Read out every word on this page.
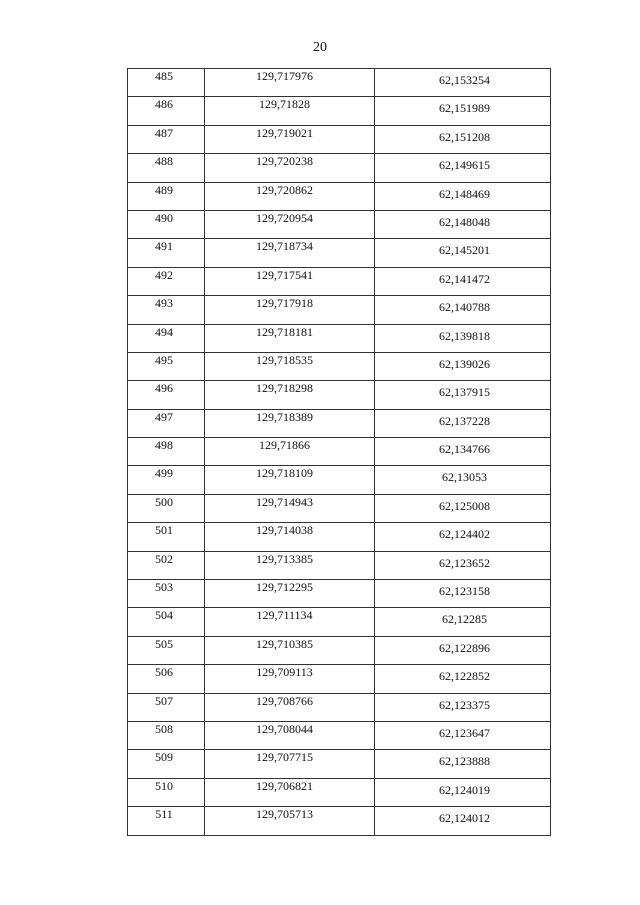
20
485	129,717976	62,153254

486	129,71828	62,151989

487	129,719021	62,151208

488	129,720238	62,149615

489	129,720862	62,148469

490	129,720954	62,148048

491	129,718734	62,145201

492	129,717541	62,141472

493	129,717918	62,140788

494	129,718181	62,139818

495	129,718535	62,139026

496	129,718298	62,137915

497	129,718389	62,137228

498	129,71866	62,134766

499	129,718109	62,13053

500	129,714943	62,125008

501	129,714038	62,124402

502	129,713385	62,123652

503	129,712295	62,123158

504	129,711134	62,12285

505	129,710385	62,122896

506	129,709113	62,122852

507	129,708766	62,123375

508	129,708044	62,123647

509	129,707715	62,123888

510	129,706821	62,124019

511	129,705713	62,124012
